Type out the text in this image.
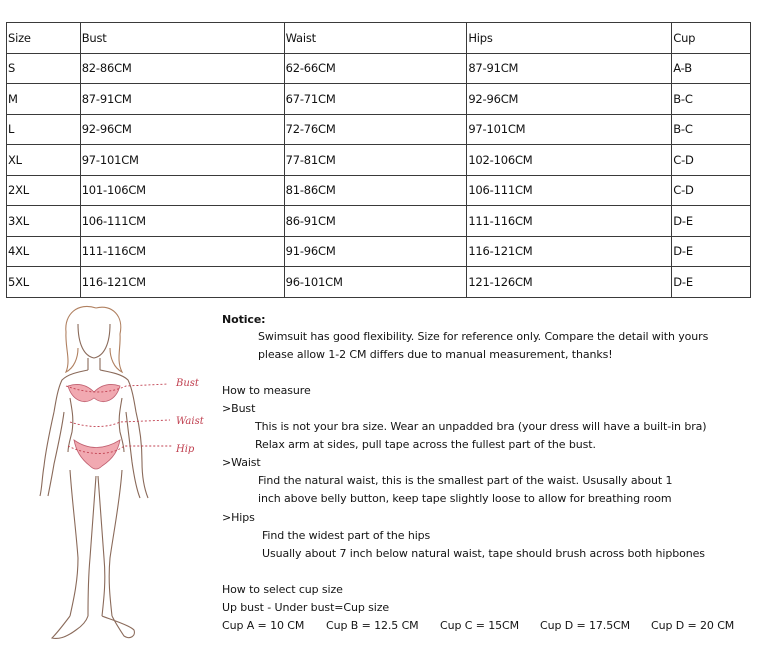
Size	Bust	Waist	Hips	Cup
S	82-86CM	62-66CM	87-91CM	A-B
M	87-91CM	67-71CM	92-96CM	B-C
L	92-96CM	72-76CM	97-101CM	B-C
XL	97-101CM	77-81CM	102-106CM	C-D
2XL	101-106CM	81-86CM	106-111CM	C-D
3XL	106-111CM	86-91CM	111-116CM	D-E
4XL	111-116CM	91-96CM	116-121CM	D-E
5XL	116-121CM	96-101CM	121-126CM	D-E
Bust
Waist
Hip
Notice:
Swimsuit has good flexibility. Size for reference only. Compare the detail with yours
please allow 1-2 CM differs due to manual measurement, thanks!
How to measure
>Bust
This is not your bra size. Wear an unpadded bra (your dress will have a built-in bra)
Relax arm at sides, pull tape across the fullest part of the bust.
>Waist
Find the natural waist, this is the smallest part of the waist. Ususally about 1
inch above belly button, keep tape slightly loose to allow for breathing room
>Hips
Find the widest part of the hips
Usually about 7 inch below natural waist, tape should brush across both hipbones
How to select cup size
Up bust - Under bust=Cup size
Cup A = 10 CM Cup B = 12.5 CM Cup C = 15CM Cup D = 17.5CM Cup D = 20 CM
